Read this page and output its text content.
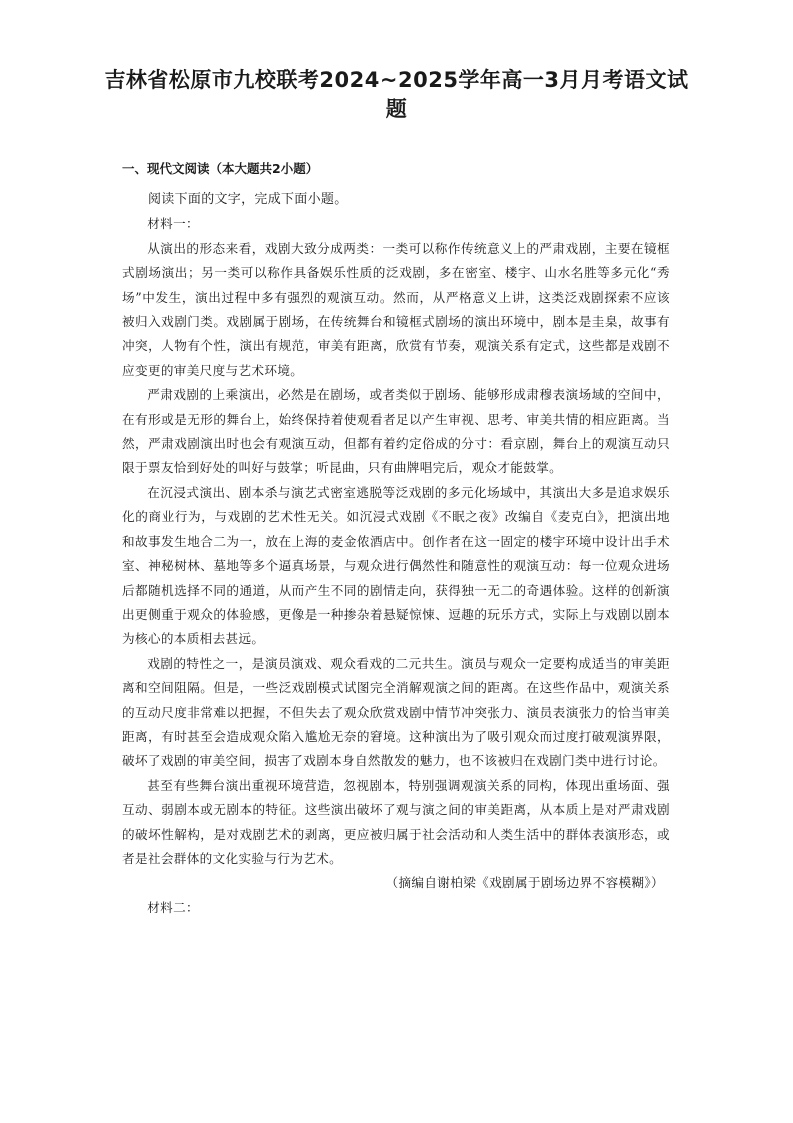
吉林省松原市九校联考2024~2025学年高一3月月考语文试题
一、现代文阅读（本大题共2小题）

阅读下面的文字，完成下面小题。

材料一：

从演出的形态来看，戏剧大致分成两类：一类可以称作传统意义上的严肃戏剧，主要在镜框式剧场演出；另一类可以称作具备娱乐性质的泛戏剧，多在密室、楼宇、山水名胜等多元化“秀场”中发生，演出过程中多有强烈的观演互动。然而，从严格意义上讲，这类泛戏剧探索不应该被归入戏剧门类。戏剧属于剧场，在传统舞台和镜框式剧场的演出环境中，剧本是圭臬，故事有冲突，人物有个性，演出有规范，审美有距离，欣赏有节奏，观演关系有定式，这些都是戏剧不应变更的审美尺度与艺术环境。

严肃戏剧的上乘演出，必然是在剧场，或者类似于剧场、能够形成肃穆表演场域的空间中，在有形或是无形的舞台上，始终保持着使观看者足以产生审视、思考、审美共情的相应距离。当然，严肃戏剧演出时也会有观演互动，但都有着约定俗成的分寸：看京剧，舞台上的观演互动只限于票友恰到好处的叫好与鼓掌；听昆曲，只有曲牌唱完后，观众才能鼓掌。

在沉浸式演出、剧本杀与演艺式密室逃脱等泛戏剧的多元化场域中，其演出大多是追求娱乐化的商业行为，与戏剧的艺术性无关。如沉浸式戏剧《不眠之夜》改编自《麦克白》，把演出地和故事发生地合二为一，放在上海的麦金侬酒店中。创作者在这一固定的楼宇环境中设计出手术室、神秘树林、墓地等多个逼真场景，与观众进行偶然性和随意性的观演互动：每一位观众进场后都随机选择不同的通道，从而产生不同的剧情走向，获得独一无二的奇遇体验。这样的创新演出更侧重于观众的体验感，更像是一种掺杂着悬疑惊悚、逗趣的玩乐方式，实际上与戏剧以剧本为核心的本质相去甚远。

戏剧的特性之一，是演员演戏、观众看戏的二元共生。演员与观众一定要构成适当的审美距离和空间阻隔。但是，一些泛戏剧模式试图完全消解观演之间的距离。在这些作品中，观演关系的互动尺度非常难以把握，不但失去了观众欣赏戏剧中情节冲突张力、演员表演张力的恰当审美距离，有时甚至会造成观众陷入尴尬无奈的窘境。这种演出为了吸引观众而过度打破观演界限，破坏了戏剧的审美空间，损害了戏剧本身自然散发的魅力，也不该被归在戏剧门类中进行讨论。

甚至有些舞台演出重视环境营造，忽视剧本，特别强调观演关系的同构，体现出重场面、强互动、弱剧本或无剧本的特征。这些演出破坏了观与演之间的审美距离，从本质上是对严肃戏剧的破坏性解构，是对戏剧艺术的剥离，更应被归属于社会活动和人类生活中的群体表演形态，或者是社会群体的文化实验与行为艺术。

（摘编自谢柏梁《戏剧属于剧场边界不容模糊》）

材料二：
